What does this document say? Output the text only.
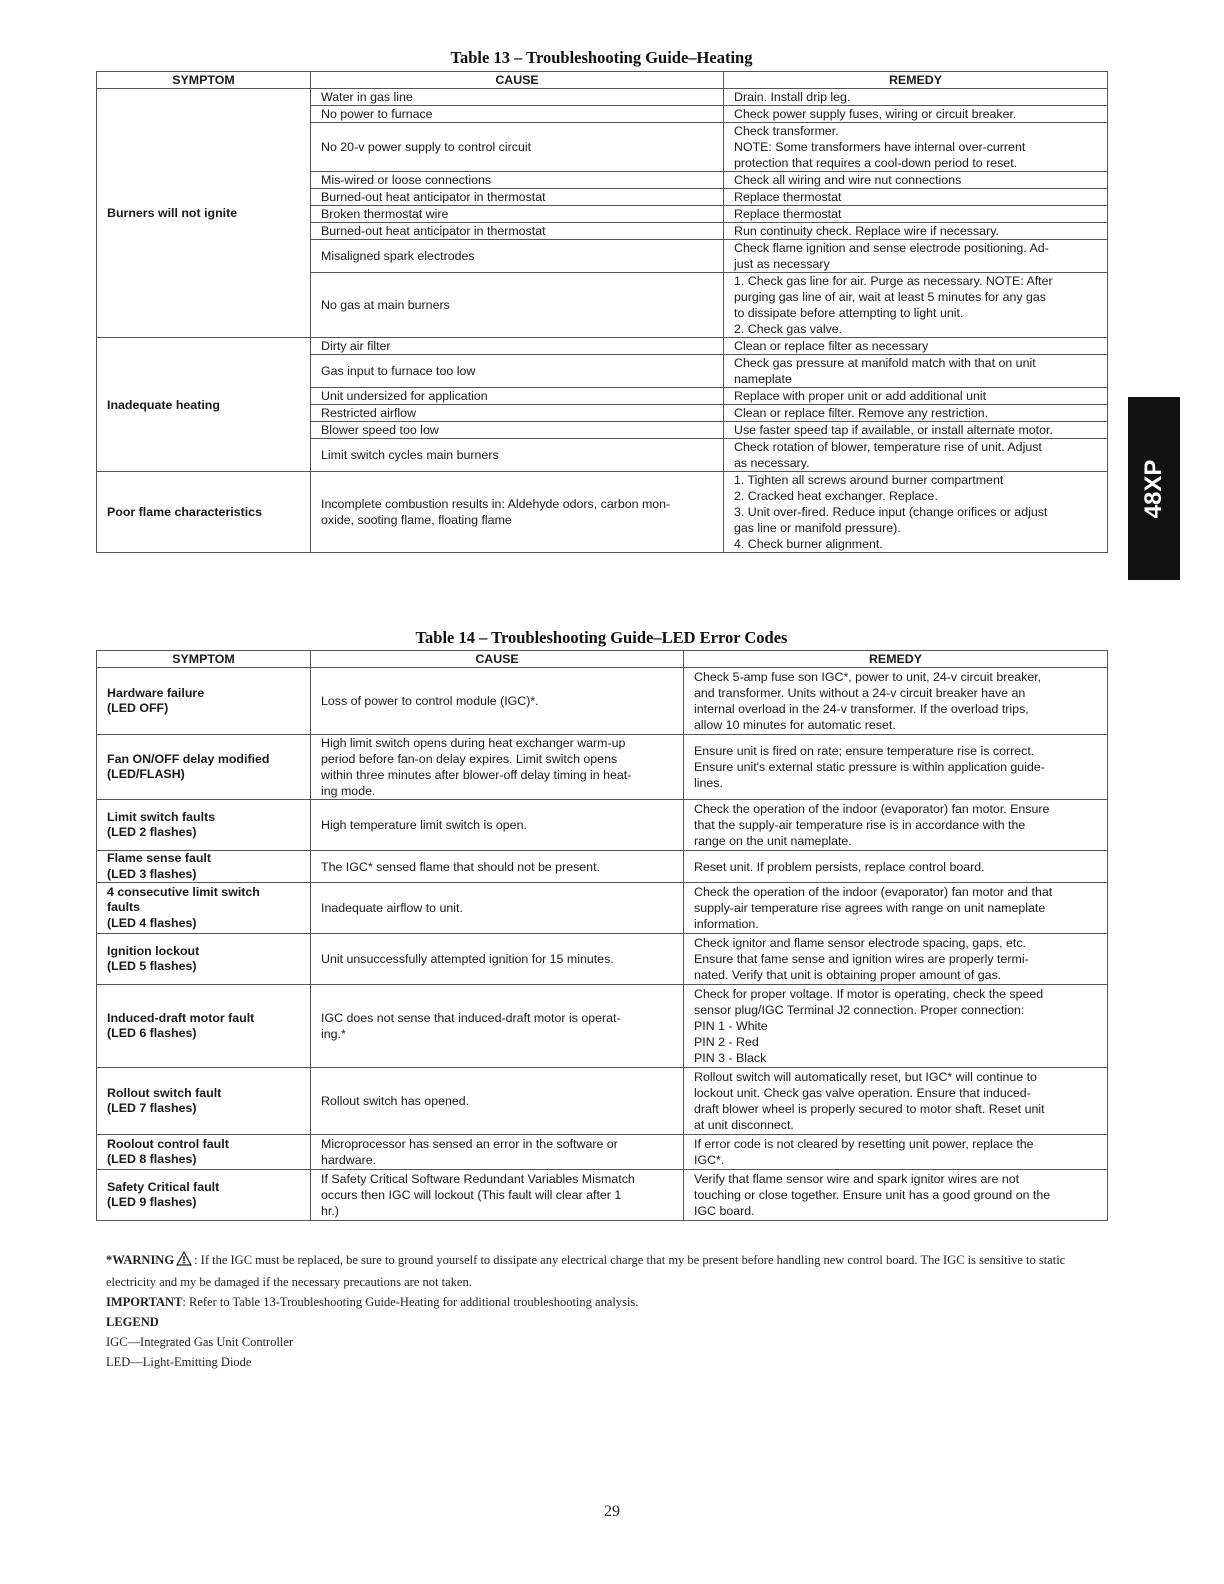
Table 13 – Troubleshooting Guide–Heating
SYMPTOM	CAUSE	REMEDY
Burners will not ignite	Water in gas line	Drain. Install drip leg.
	No power to furnace	Check power supply fuses, wiring or circuit breaker.
	No 20-v power supply to control circuit	Check transformer.
NOTE: Some transformers have internal over-current
protection that requires a cool-down period to reset.
	Mis-wired or loose connections	Check all wiring and wire nut connections
	Burned-out heat anticipator in thermostat	Replace thermostat
	Broken thermostat wire	Replace thermostat
	Burned-out heat anticipator in thermostat	Run continuity check. Replace wire if necessary.
	Misaligned spark electrodes	Check flame ignition and sense electrode positioning. Ad-
just as necessary
	No gas at main burners	1. Check gas line for air. Purge as necessary. NOTE: After
purging gas line of air, wait at least 5 minutes for any gas
to dissipate before attempting to light unit.
2. Check gas valve.
Inadequate heating	Dirty air filter	Clean or replace filter as necessary
	Gas input to furnace too low	Check gas pressure at manifold match with that on unit
nameplate
	Unit undersized for application	Replace with proper unit or add additional unit
	Restricted airflow	Clean or replace filter. Remove any restriction.
	Blower speed too low	Use faster speed tap if available, or install alternate motor.
	Limit switch cycles main burners	Check rotation of blower, temperature rise of unit. Adjust
as necessary.
Poor flame characteristics	Incomplete combustion results in: Aldehyde odors, carbon mon-
oxide, sooting flame, floating flame	1. Tighten all screws around burner compartment
2. Cracked heat exchanger. Replace.
3. Unit over-fired. Reduce input (change orifices or adjust
gas line or manifold pressure).
4. Check burner alignment.
48XP
Table 14 – Troubleshooting Guide–LED Error Codes
SYMPTOM	CAUSE	REMEDY
Hardware failure
(LED OFF)	Loss of power to control module (IGC)*.	Check 5-amp fuse son IGC*, power to unit, 24-v circuit breaker,
and transformer. Units without a 24-v circuit breaker have an
internal overload in the 24-v transformer. If the overload trips,
allow 10 minutes for automatic reset.
Fan ON/OFF delay modified
(LED/FLASH)	High limit switch opens during heat exchanger warm-up
period before fan-on delay expires. Limit switch opens
within three minutes after blower-off delay timing in heat-
ing mode.	Ensure unit is fired on rate; ensure temperature rise is correct.
Ensure unit's external static pressure is within application guide-
lines.
Limit switch faults
(LED 2 flashes)	High temperature limit switch is open.	Check the operation of the indoor (evaporator) fan motor. Ensure
that the supply-air temperature rise is in accordance with the
range on the unit nameplate.
Flame sense fault
(LED 3 flashes)	The IGC* sensed flame that should not be present.	Reset unit. If problem persists, replace control board.
4 consecutive limit switch
faults
(LED 4 flashes)	Inadequate airflow to unit.	Check the operation of the indoor (evaporator) fan motor and that
supply-air temperature rise agrees with range on unit nameplate
information.
Ignition lockout
(LED 5 flashes)	Unit unsuccessfully attempted ignition for 15 minutes.	Check ignitor and flame sensor electrode spacing, gaps, etc.
Ensure that fame sense and ignition wires are properly termi-
nated. Verify that unit is obtaining proper amount of gas.
Induced-draft motor fault
(LED 6 flashes)	IGC does not sense that induced-draft motor is operat-
ing.*	Check for proper voltage. If motor is operating, check the speed
sensor plug/IGC Terminal J2 connection. Proper connection:
PIN 1 - White
PIN 2 - Red
PIN 3 - Black
Rollout switch fault
(LED 7 flashes)	Rollout switch has opened.	Rollout switch will automatically reset, but IGC* will continue to
lockout unit. Check gas valve operation. Ensure that induced-
draft blower wheel is properly secured to motor shaft. Reset unit
at unit disconnect.
Roolout control fault
(LED 8 flashes)	Microprocessor has sensed an error in the software or
hardware.	If error code is not cleared by resetting unit power, replace the
IGC*.
Safety Critical fault
(LED 9 flashes)	If Safety Critical Software Redundant Variables Mismatch
occurs then IGC will lockout (This fault will clear after 1
hr.)	Verify that flame sensor wire and spark ignitor wires are not
touching or close together. Ensure unit has a good ground on the
IGC board.

*WARNING : If the IGC must be replaced, be sure to ground yourself to dissipate any electrical charge that my be present before handling new control board. The IGC is sensitive to static electricity and my be damaged if the necessary precautions are not taken.

IMPORTANT: Refer to Table 13-Troubleshooting Guide-Heating for additional troubleshooting analysis.

LEGEND

IGC—Integrated Gas Unit Controller

LED—Light-Emitting Diode

29
